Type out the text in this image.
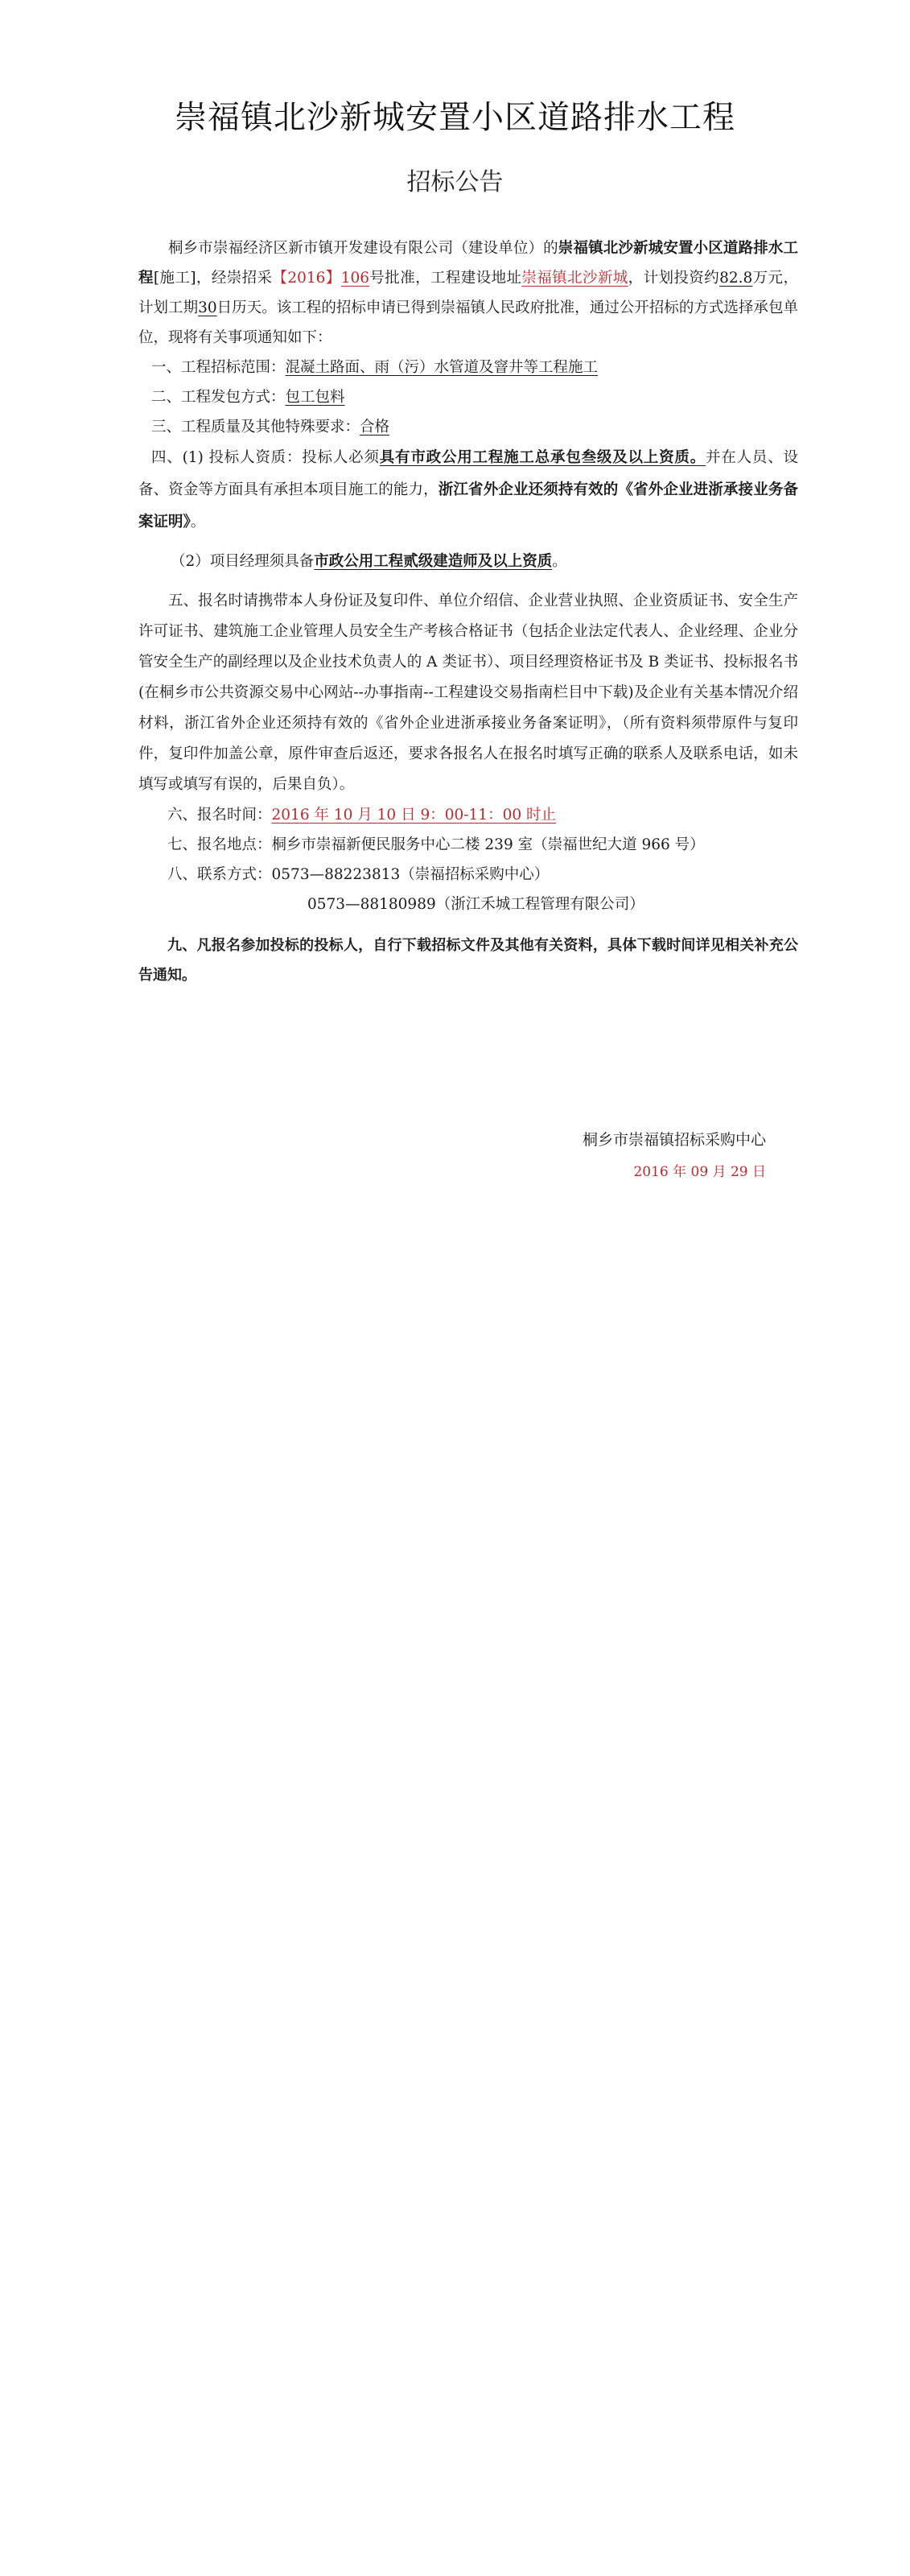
崇福镇北沙新城安置小区道路排水工程
招标公告

桐乡市崇福经济区新市镇开发建设有限公司（建设单位）的崇福镇北沙新城安置小区道路排水工程[施工]，经崇招采【2016】106号批准，工程建设地址崇福镇北沙新城，计划投资约82.8万元，计划工期30日历天。该工程的招标申请已得到崇福镇人民政府批准，通过公开招标的方式选择承包单位，现将有关事项通知如下：

一、工程招标范围：混凝土路面、雨（污）水管道及窨井等工程施工

二、工程发包方式：包工包料

三、工程质量及其他特殊要求：合格

四、(1) 投标人资质：投标人必须具有市政公用工程施工总承包叁级及以上资质。并在人员、设备、资金等方面具有承担本项目施工的能力，浙江省外企业还须持有效的《省外企业进浙承接业务备案证明》。

（2）项目经理须具备市政公用工程贰级建造师及以上资质。

五、报名时请携带本人身份证及复印件、单位介绍信、企业营业执照、企业资质证书、安全生产许可证书、建筑施工企业管理人员安全生产考核合格证书（包括企业法定代表人、企业经理、企业分管安全生产的副经理以及企业技术负责人的 A 类证书）、项目经理资格证书及 B 类证书、投标报名书(在桐乡市公共资源交易中心网站--办事指南--工程建设交易指南栏目中下载)及企业有关基本情况介绍材料，浙江省外企业还须持有效的《省外企业进浙承接业务备案证明》，（所有资料须带原件与复印件，复印件加盖公章，原件审查后返还，要求各报名人在报名时填写正确的联系人及联系电话，如未填写或填写有误的，后果自负）。

六、报名时间：2016 年 10 月 10 日 9：00-11：00 时止

七、报名地点：桐乡市崇福新便民服务中心二楼 239 室（崇福世纪大道 966 号）

八、联系方式：0573—88223813（崇福招标采购中心）

0573—88180989（浙江禾城工程管理有限公司）

九、凡报名参加投标的投标人，自行下载招标文件及其他有关资料，具体下载时间详见相关补充公告通知。

桐乡市崇福镇招标采购中心
2016 年 09 月 29 日
